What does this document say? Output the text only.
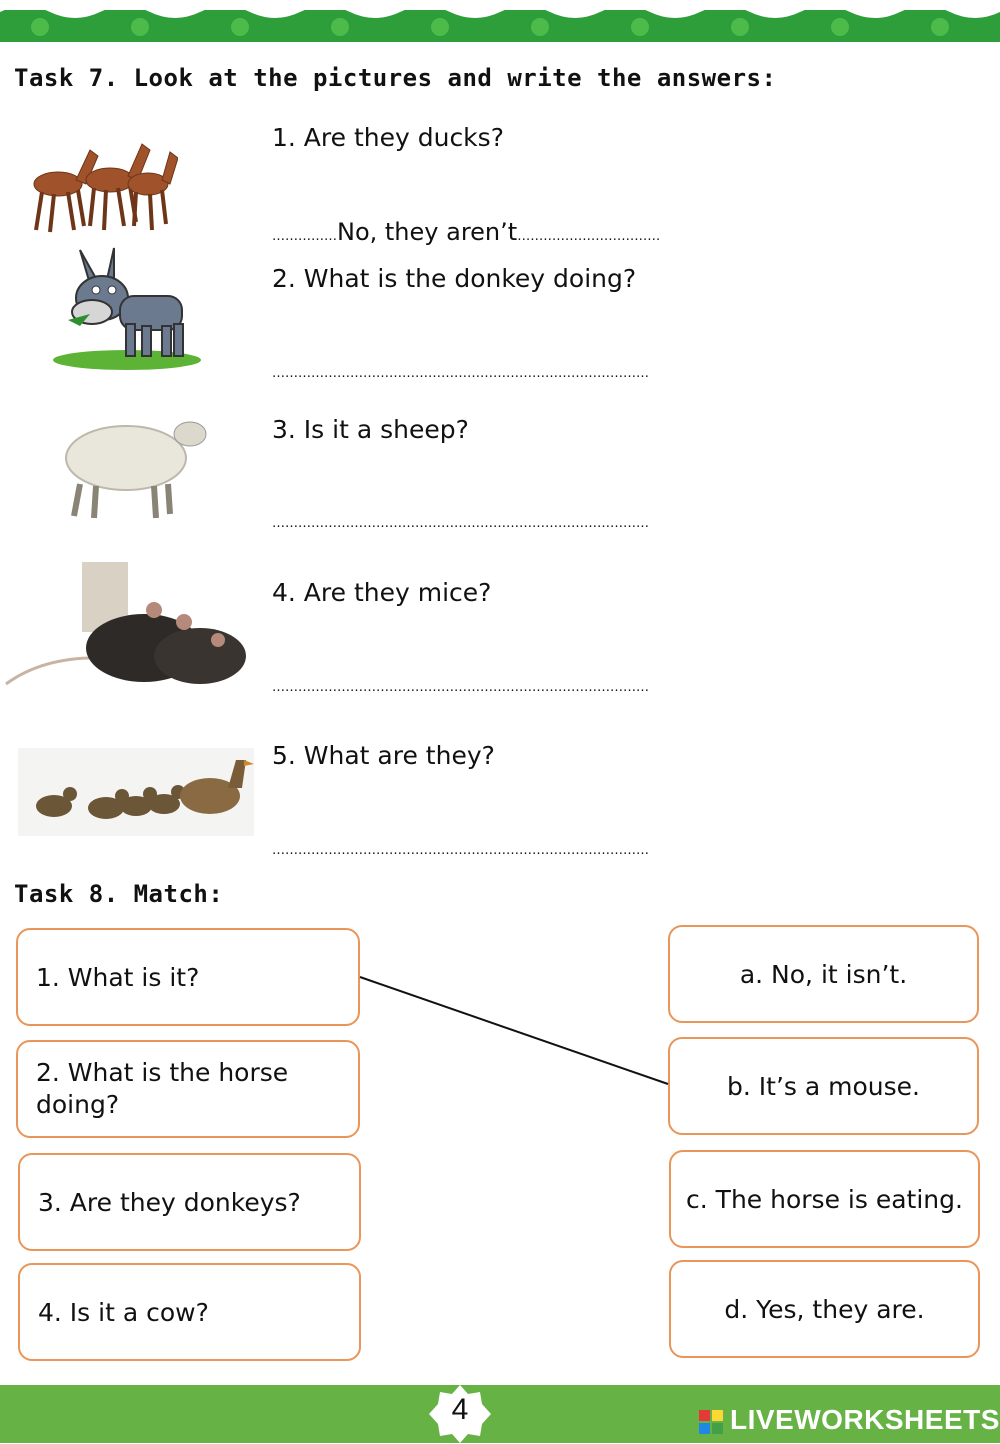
Task 7. Look at the pictures and write the answers:
1. Are they ducks?
……………No, they aren’t……………………………
2. What is the donkey doing?
……………………………………………………………………………
3. Is it a sheep?
……………………………………………………………………………
4. Are they mice?
……………………………………………………………………………
5. What are they?
……………………………………………………………………………
Task 8. Match:
1. What is it?
2. What is the horse doing?
3. Are they donkeys?
4. Is it a cow?
a. No, it isn’t.
b. It’s a mouse.
c. The horse is eating.
d. Yes, they are.
4	LIVEWORKSHEETS
